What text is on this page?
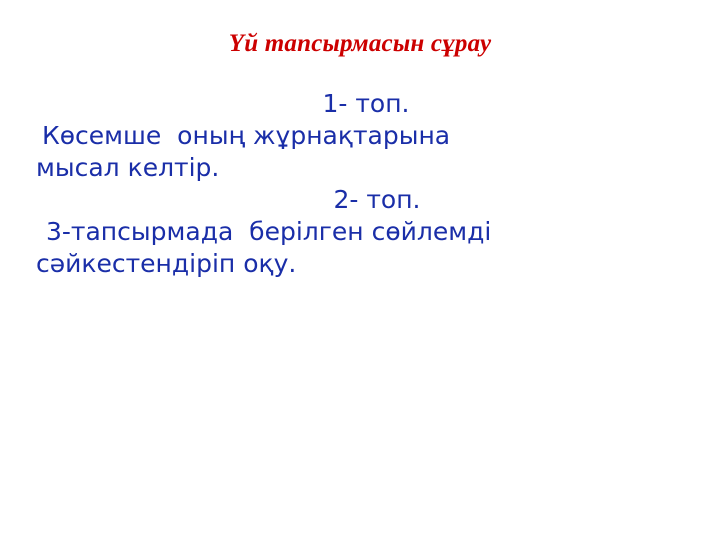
Үй тапсырмасын сұрау
1- топ.
Көсемше  оның жұрнақтарына
мысал келтір.
2- топ.
3-тапсырмада  берілген сөйлемді
сәйкестендіріп оқу.
